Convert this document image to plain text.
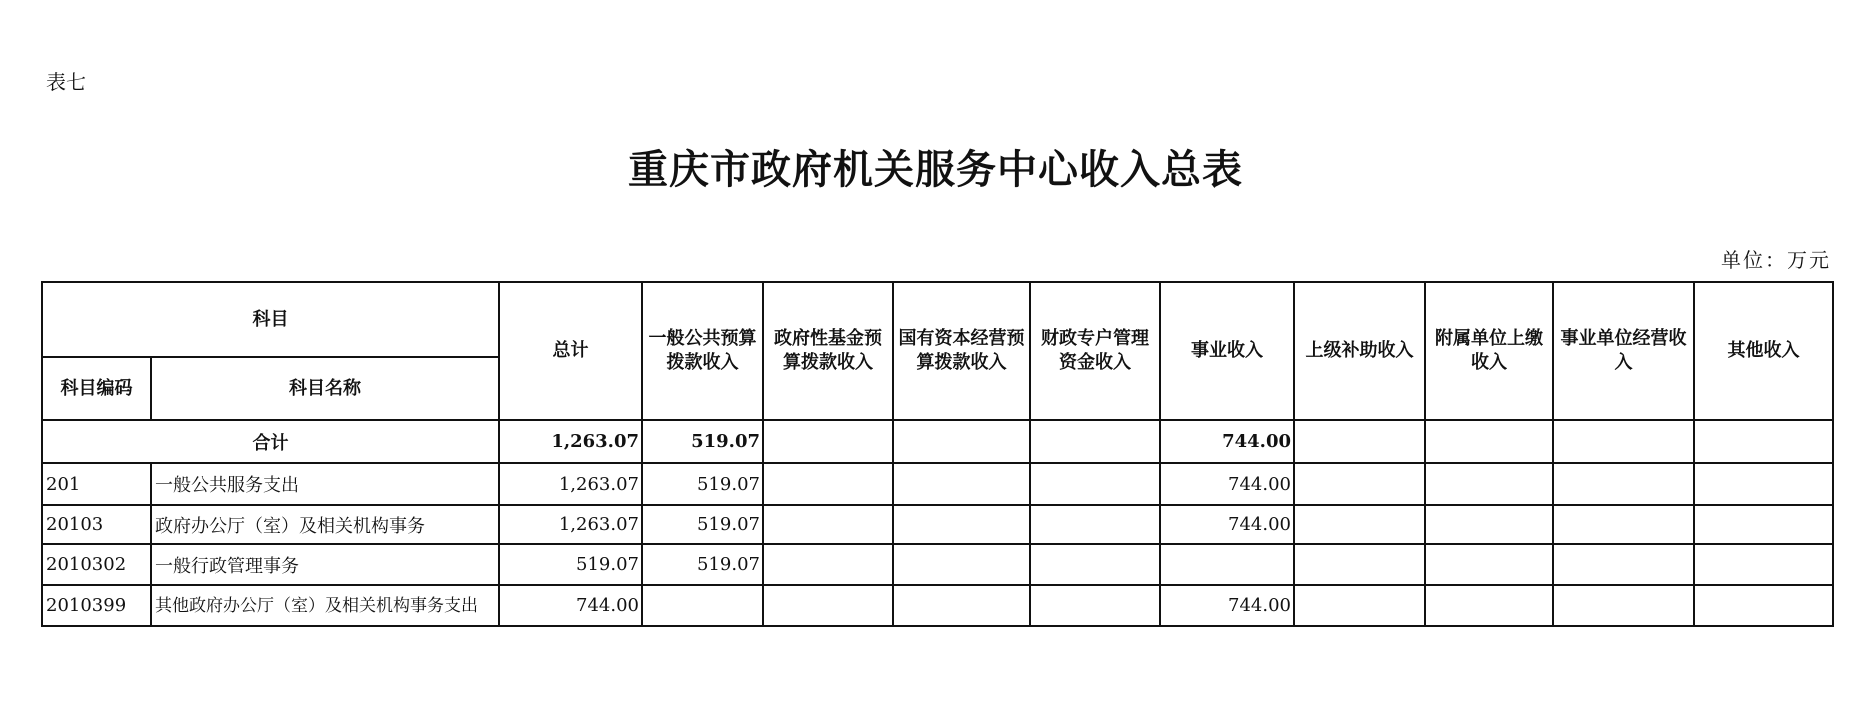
表七
重庆市政府机关服务中心收入总表
单位：万元
科目		总计	一般公共预算拨款收入	政府性基金预算拨款收入	国有资本经营预算拨款收入	财政专户管理资金收入	事业收入	上级补助收入	附属单位上缴收入	事业单位经营收入	其他收入
科目编码	科目名称										
合计		1,263.07	519.07				744.00				
201	一般公共服务支出	1,263.07	519.07				744.00				
20103	政府办公厅（室）及相关机构事务	1,263.07	519.07				744.00				
2010302	一般行政管理事务	519.07	519.07								
2010399	其他政府办公厅（室）及相关机构事务支出	744.00					744.00				
